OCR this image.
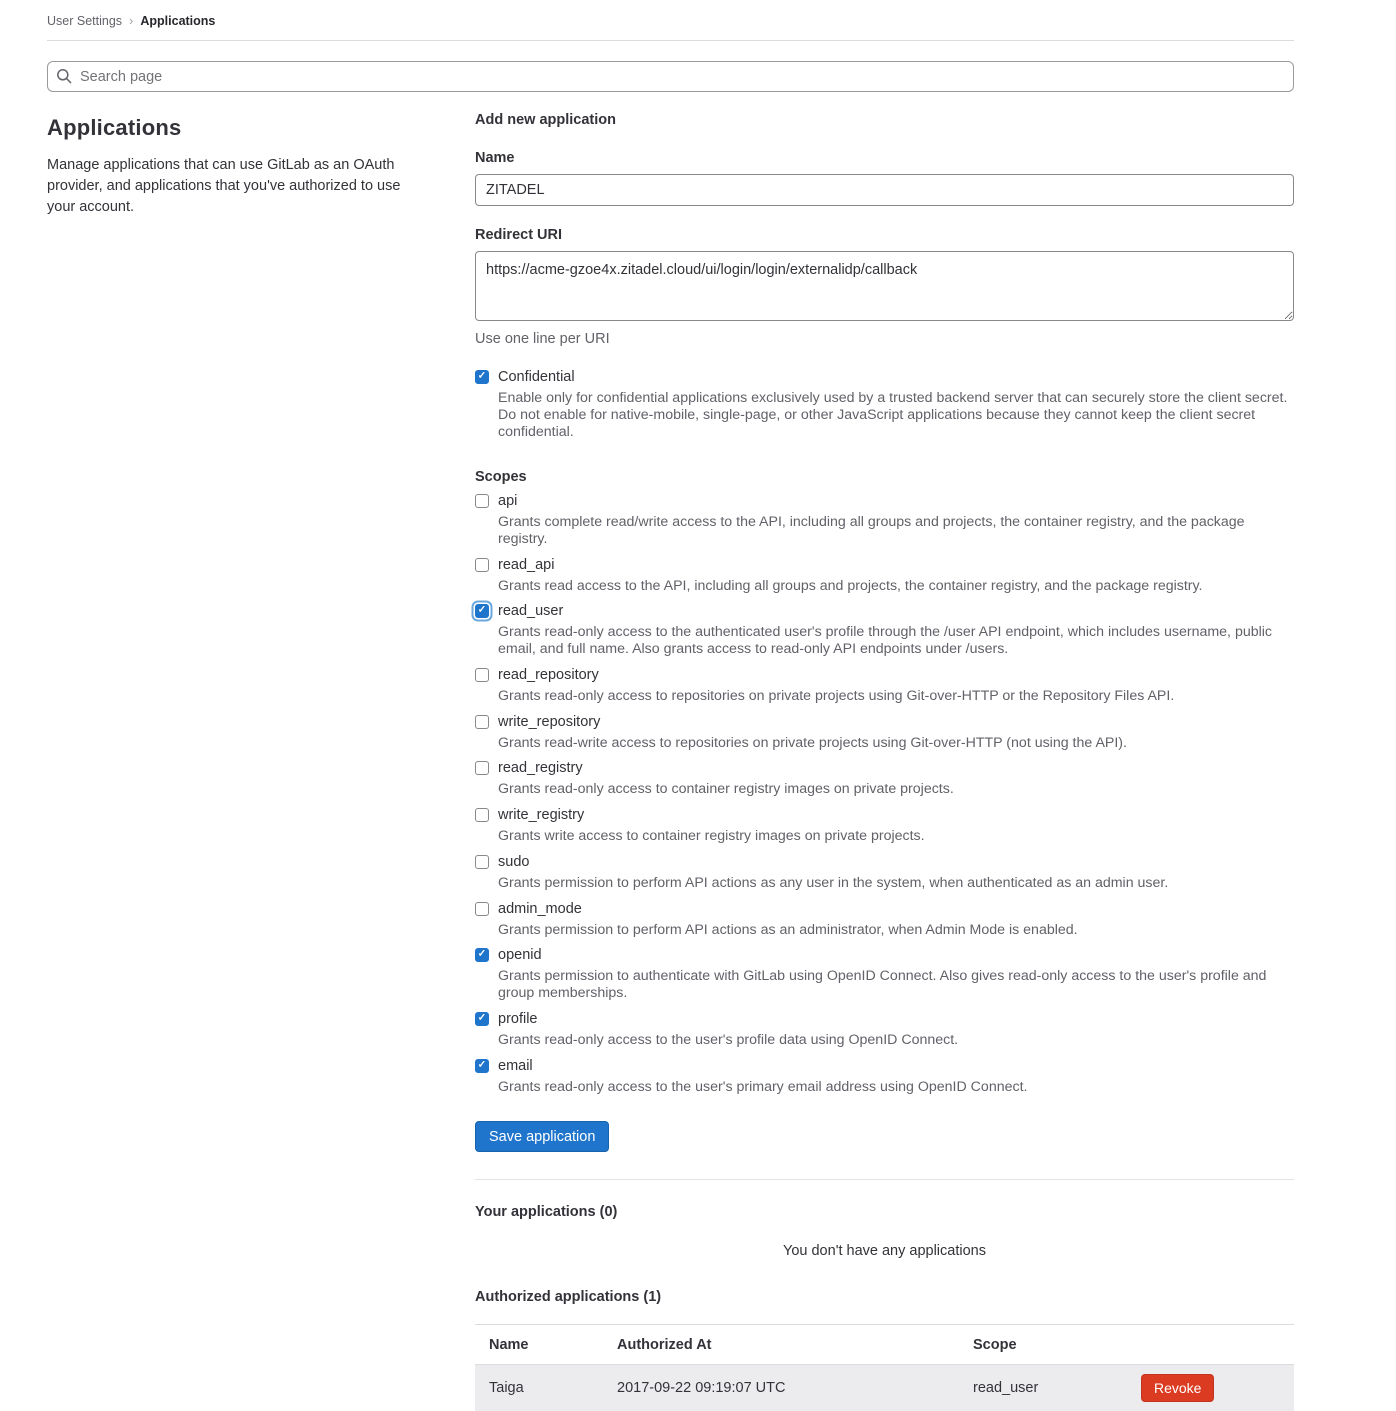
User Settings › Applications
Search page
Applications

Manage applications that can use GitLab as an OAuth provider, and applications that you've authorized to use your account.

Add new application
Name
ZITADEL
Redirect URI
https://acme-gzoe4x.zitadel.cloud/ui/login/login/externalidp/callback

Use one line per URI

✓
Confidential

Enable only for confidential applications exclusively used by a trusted backend server that can securely store the client secret. Do not enable for native-mobile, single-page, or other JavaScript applications because they cannot keep the client secret confidential.

Scopes
api

Grants complete read/write access to the API, including all groups and projects, the container registry, and the package registry.

read_api

Grants read access to the API, including all groups and projects, the container registry, and the package registry.

✓
read_user

Grants read-only access to the authenticated user's profile through the /user API endpoint, which includes username, public email, and full name. Also grants access to read-only API endpoints under /users.

read_repository

Grants read-only access to repositories on private projects using Git-over-HTTP or the Repository Files API.

write_repository

Grants read-write access to repositories on private projects using Git-over-HTTP (not using the API).

read_registry

Grants read-only access to container registry images on private projects.

write_registry

Grants write access to container registry images on private projects.

sudo

Grants permission to perform API actions as any user in the system, when authenticated as an admin user.

admin_mode

Grants permission to perform API actions as an administrator, when Admin Mode is enabled.

✓
openid

Grants permission to authenticate with GitLab using OpenID Connect. Also gives read-only access to the user's profile and group memberships.

✓
profile

Grants read-only access to the user's profile data using OpenID Connect.

✓
email

Grants read-only access to the user's primary email address using OpenID Connect.

Save application
Your applications (0)

You don't have any applications

Authorized applications (1)
Name	Authorized At	Scope
Taiga	2017-09-22 09:19:07 UTC	read_user	Revoke
